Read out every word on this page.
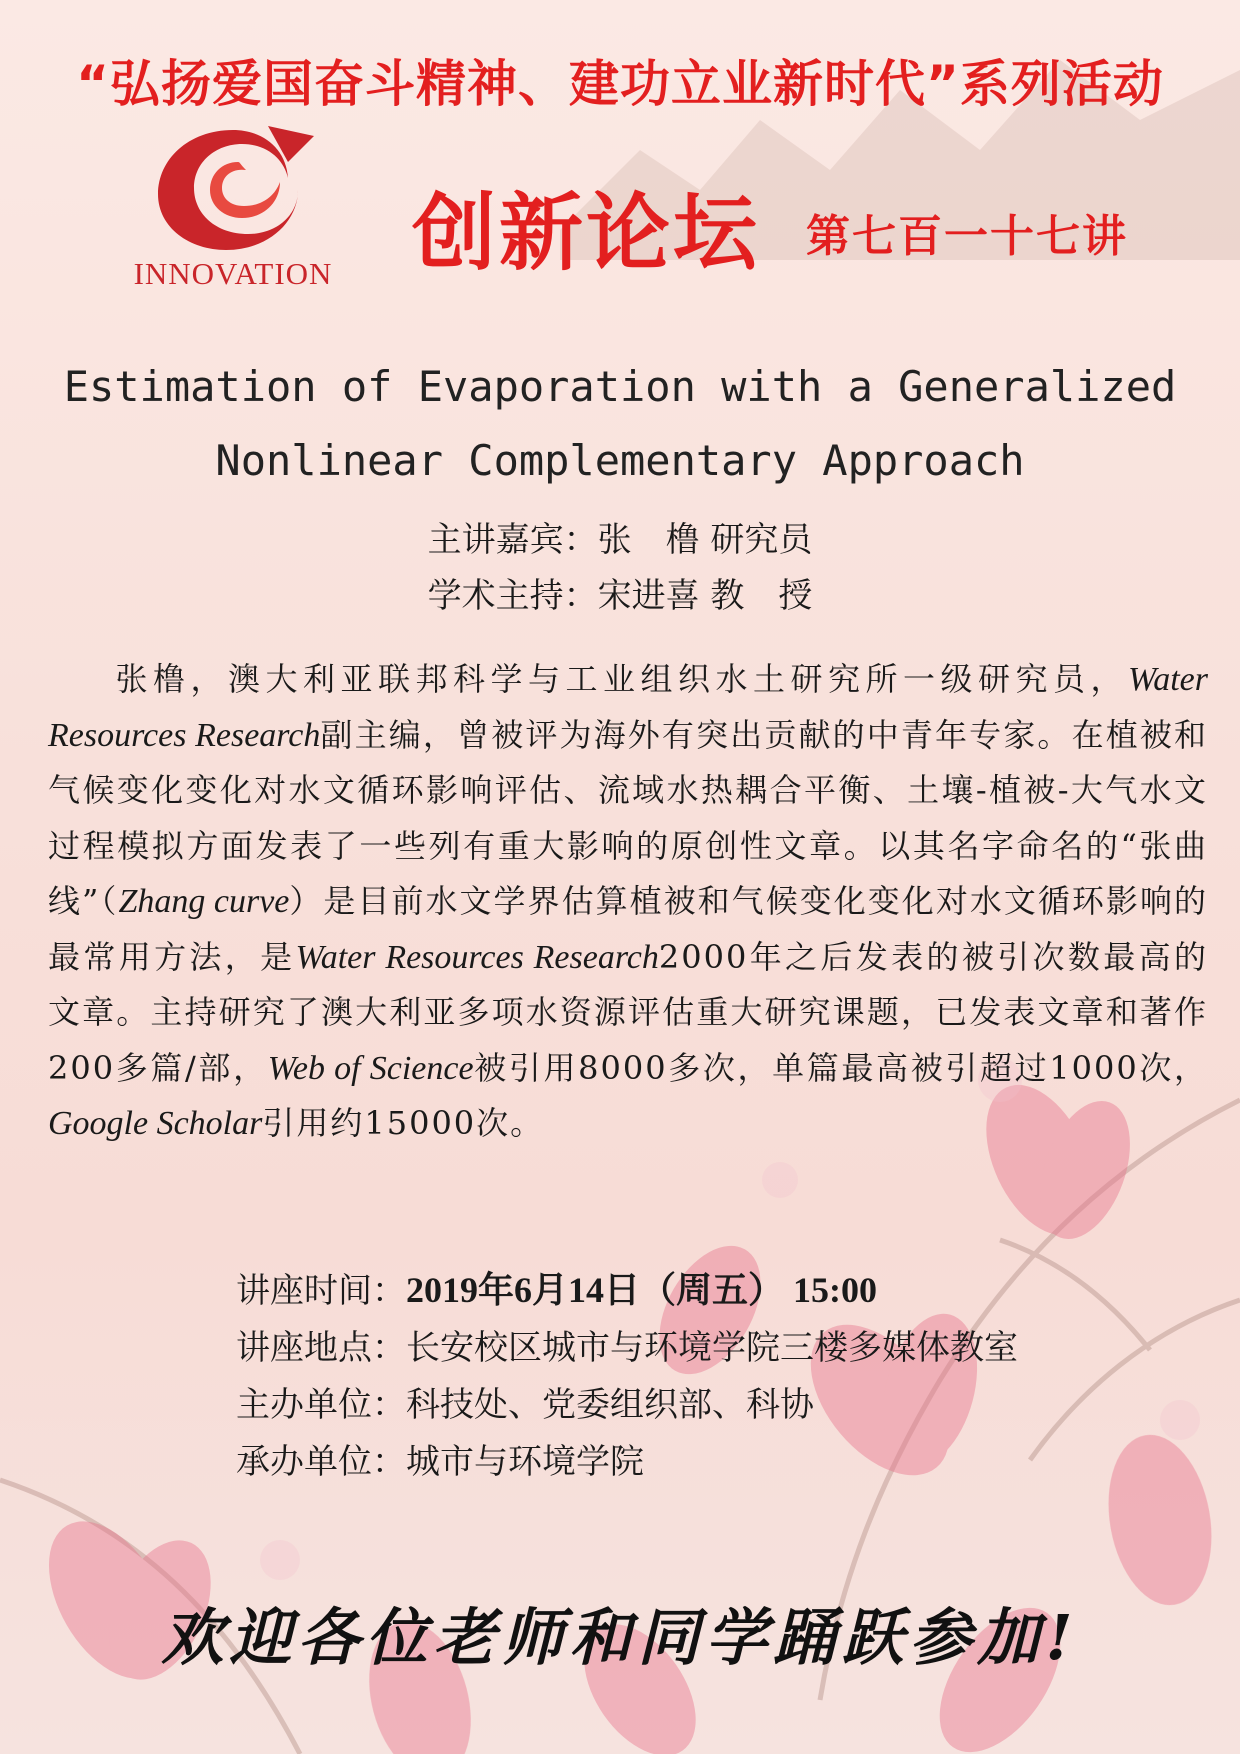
“弘扬爱国奋斗精神、建功立业新时代”系列活动
INNOVATION 创新论坛 第七百一十七讲
Estimation of Evaporation with a Generalized
Nonlinear Complementary Approach
主讲嘉宾：张　橹 研究员
学术主持：宋进喜 教　授
张橹，澳大利亚联邦科学与工业组织水土研究所一级研究员，Water Resources Research副主编，曾被评为海外有突出贡献的中青年专家。在植被和气候变化变化对水文循环影响评估、流域水热耦合平衡、土壤-植被-大气水文过程模拟方面发表了一些列有重大影响的原创性文章。以其名字命名的“张曲线”（Zhang curve）是目前水文学界估算植被和气候变化变化对水文循环影响的最常用方法，是Water Resources Research2000年之后发表的被引次数最高的文章。主持研究了澳大利亚多项水资源评估重大研究课题，已发表文章和著作200多篇/部，Web of Science被引用8000多次，单篇最高被引超过1000次，Google Scholar引用约15000次。
讲座时间：2019年6月14日（周五） 15:00
讲座地点：长安校区城市与环境学院三楼多媒体教室
主办单位：科技处、党委组织部、科协
承办单位：城市与环境学院
欢迎各位老师和同学踊跃参加!
